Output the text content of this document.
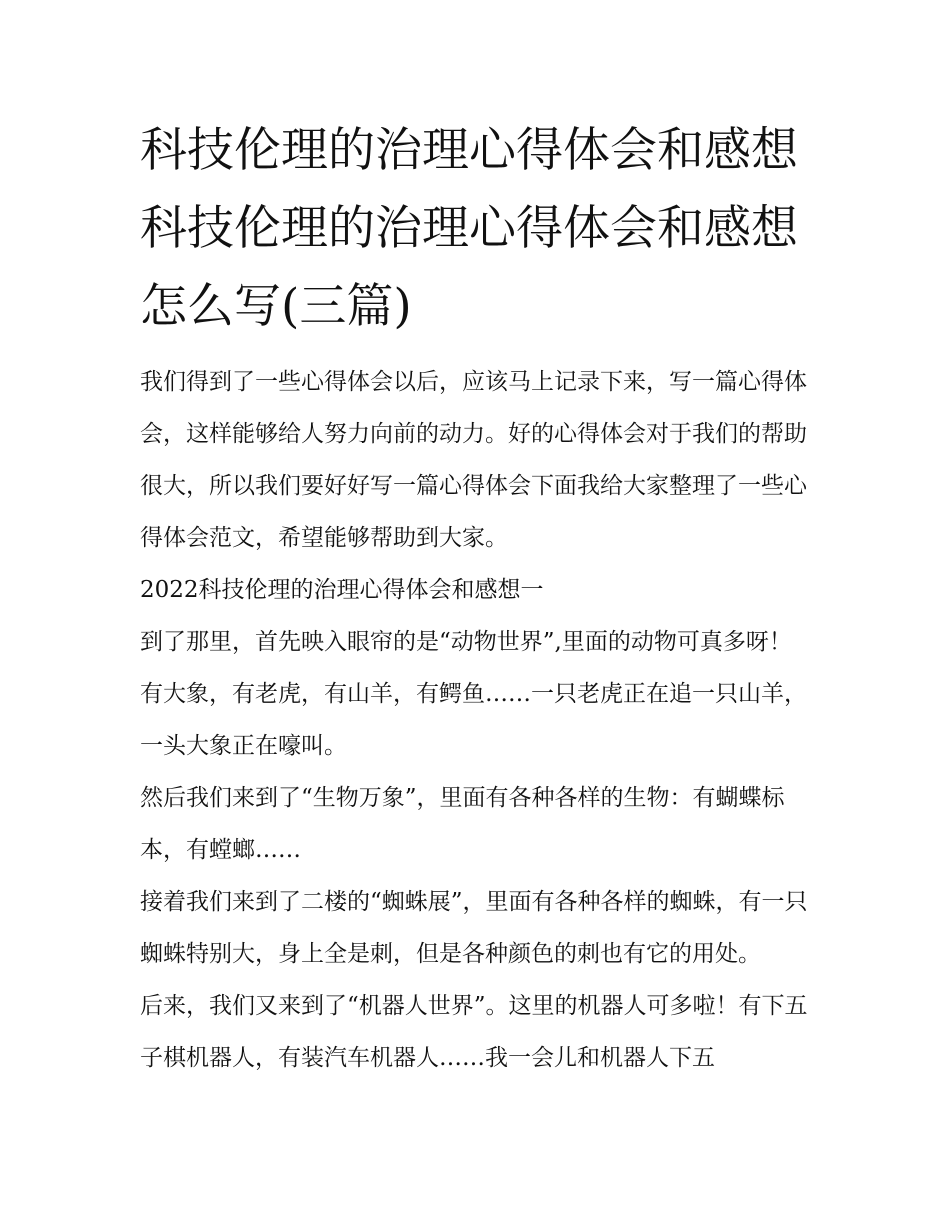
科技伦理的治理心得体会和感想 科技伦理的治理心得体会和感想怎么写(三篇)

我们得到了一些心得体会以后，应该马上记录下来，写一篇心得体会，这样能够给人努力向前的动力。好的心得体会对于我们的帮助很大，所以我们要好好写一篇心得体会下面我给大家整理了一些心得体会范文，希望能够帮助到大家。

2022科技伦理的治理心得体会和感想一

到了那里，首先映入眼帘的是“动物世界”,里面的动物可真多呀！有大象，有老虎，有山羊，有鳄鱼……一只老虎正在追一只山羊，一头大象正在嚎叫。

然后我们来到了“生物万象”，里面有各种各样的生物：有蝴蝶标本，有螳螂……

接着我们来到了二楼的“蜘蛛展”，里面有各种各样的蜘蛛，有一只蜘蛛特别大，身上全是刺，但是各种颜色的刺也有它的用处。

后来，我们又来到了“机器人世界”。这里的机器人可多啦！有下五子棋机器人，有装汽车机器人……我一会儿和机器人下五
